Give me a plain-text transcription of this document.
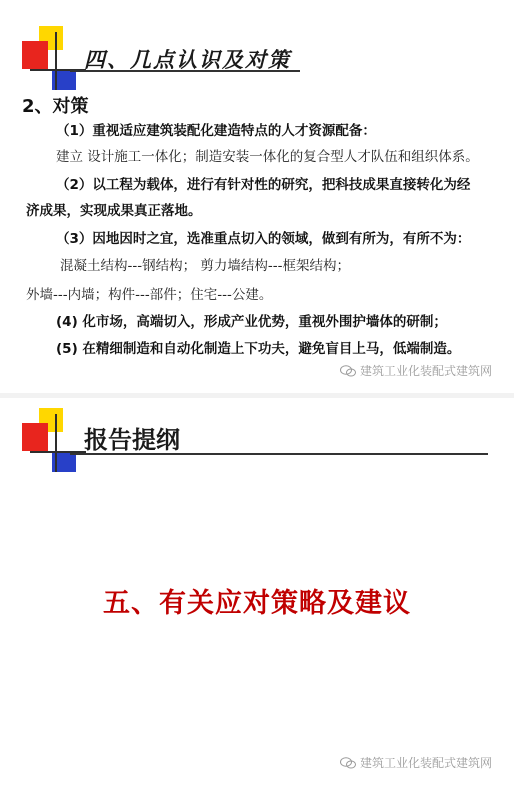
四、几点认识及对策
2、对策
（1）重视适应建筑装配化建造特点的人才资源配备：
建立 设计施工一体化；制造安装一体化的复合型人才队伍和组织体系。
（2）以工程为载体，进行有针对性的研究，把科技成果直接转化为经
济成果，实现成果真正落地。
（3）因地因时之宜，选准重点切入的领域，做到有所为，有所不为：
混凝土结构---钢结构； 剪力墙结构---框架结构；
外墙---内墙；构件---部件；住宅---公建。
(4) 化市场，高端切入，形成产业优势，重视外围护墙体的研制；
(5) 在精细制造和自动化制造上下功夫，避免盲目上马，低端制造。
建筑工业化装配式建筑网
报告提纲
五、有关应对策略及建议
建筑工业化装配式建筑网
